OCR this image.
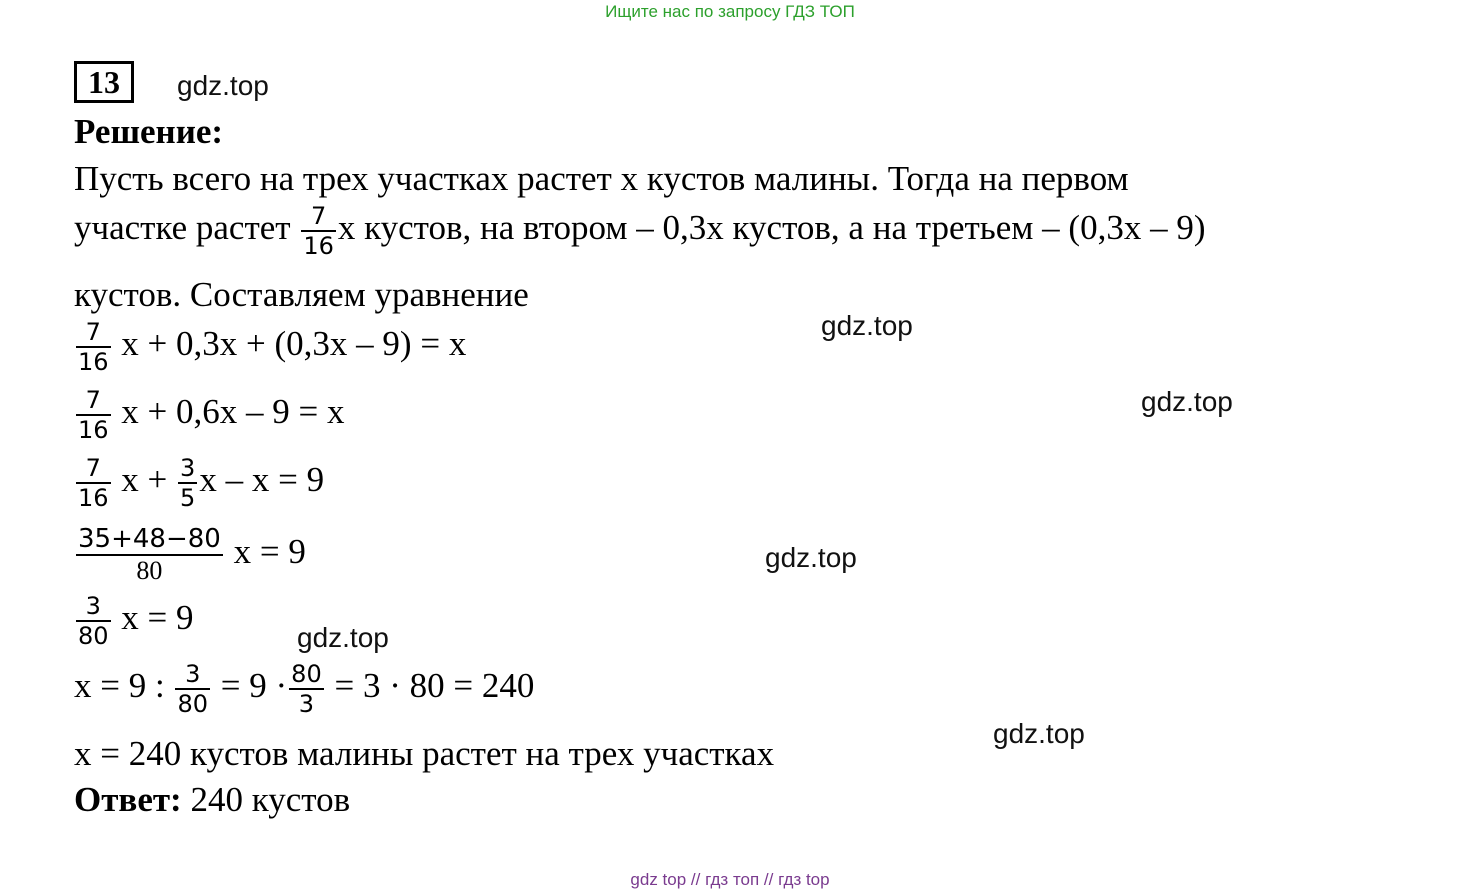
Ищите нас по запросу ГДЗ ТОП
13	gdz.top
gdz.top
gdz.top
gdz.top
gdz.top
gdz.top
Решение:
Пусть всего на трех участках растет x кустов малины. Тогда на первом
участке растет $\frac{7}{16}$ x кустов, на втором – 0,3x кустов, а на третьем – (0,3x – 9)
кустов. Составляем уравнение
$\frac{7}{16}$ x + 0,3x + (0,3x – 9) = x
$\frac{7}{16}$ x + 0,6x – 9 = x
$\frac{7}{16}$ $x + \frac{3}{5}$ x – x = 9
$\frac{35+48-80}{80}$ x = 9
$\frac{3}{80}$ x = 9
x = 9 : $\frac{3}{80} = 9 \cdot \frac{80}{3} = 3 \cdot 80 = 240$
x = 240 кустов малины растет на трех участках
Ответ: 240 кустов
gdz top // гдз топ // гдз top
